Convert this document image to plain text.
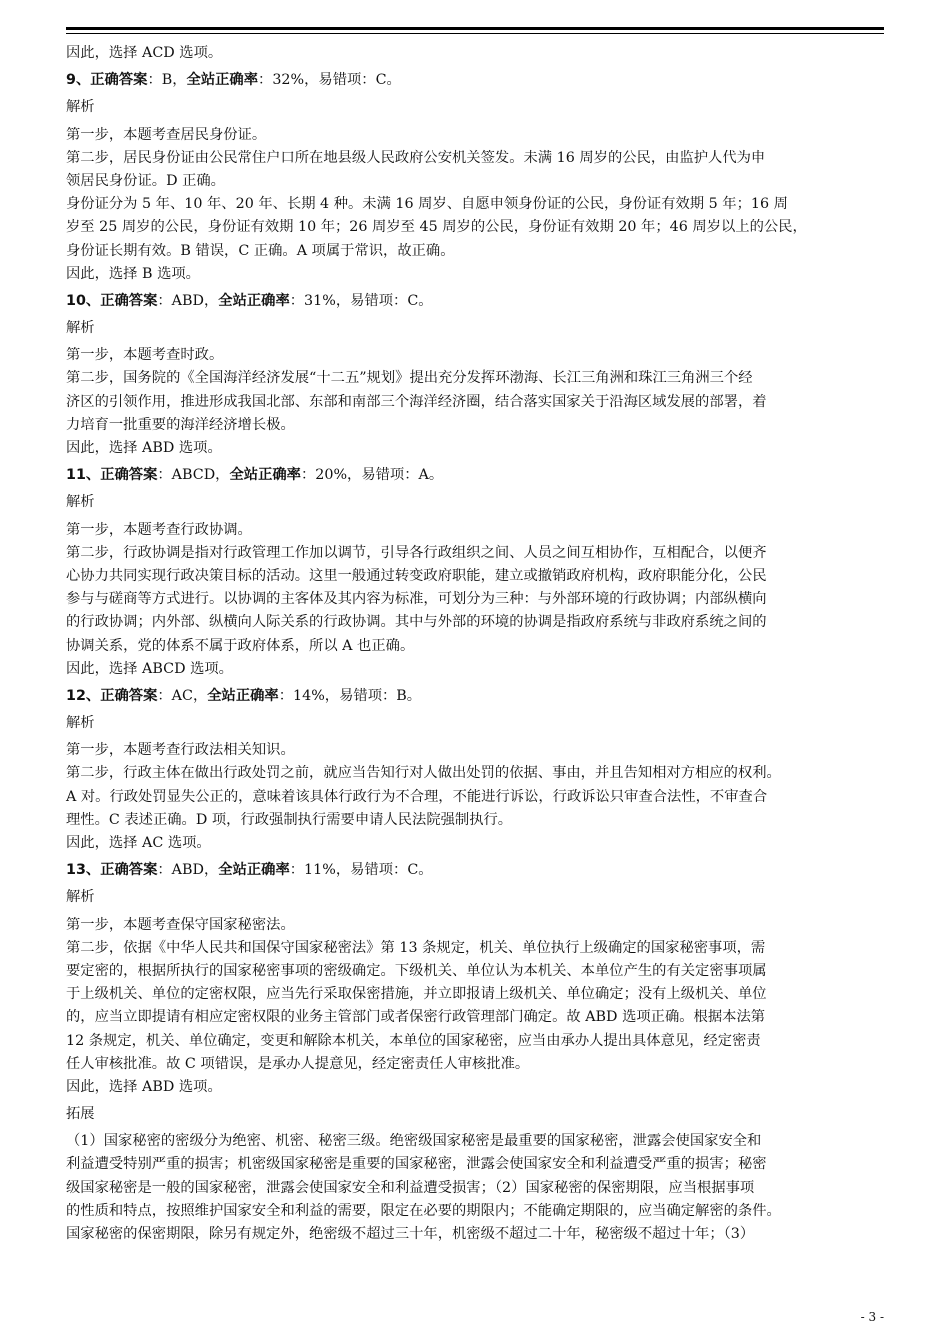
因此，选择 ACD 选项。
9、正确答案：B，全站正确率：32%，易错项：C。
解析
第一步，本题考查居民身份证。
第二步，居民身份证由公民常住户口所在地县级人民政府公安机关签发。未满 16 周岁的公民，由监护人代为申
领居民身份证。D 正确。
身份证分为 5 年、10 年、20 年、长期 4 种。未满 16 周岁、自愿申领身份证的公民，身份证有效期 5 年；16 周
岁至 25 周岁的公民，身份证有效期 10 年；26 周岁至 45 周岁的公民，身份证有效期 20 年；46 周岁以上的公民，
身份证长期有效。B 错误，C 正确。A 项属于常识，故正确。
因此，选择 B 选项。
10、正确答案：ABD，全站正确率：31%，易错项：C。
解析
第一步，本题考查时政。
第二步，国务院的《全国海洋经济发展“十二五”规划》提出充分发挥环渤海、长江三角洲和珠江三角洲三个经
济区的引领作用，推进形成我国北部、东部和南部三个海洋经济圈，结合落实国家关于沿海区域发展的部署，着
力培育一批重要的海洋经济增长极。
因此，选择 ABD 选项。
11、正确答案：ABCD，全站正确率：20%，易错项：A。
解析
第一步，本题考查行政协调。
第二步，行政协调是指对行政管理工作加以调节，引导各行政组织之间、人员之间互相协作，互相配合，以便齐
心协力共同实现行政决策目标的活动。这里一般通过转变政府职能，建立或撤销政府机构，政府职能分化，公民
参与与磋商等方式进行。以协调的主客体及其内容为标准，可划分为三种：与外部环境的行政协调；内部纵横向
的行政协调；内外部、纵横向人际关系的行政协调。其中与外部的环境的协调是指政府系统与非政府系统之间的
协调关系，党的体系不属于政府体系，所以 A 也正确。
因此，选择 ABCD 选项。
12、正确答案：AC，全站正确率：14%，易错项：B。
解析
第一步，本题考查行政法相关知识。
第二步，行政主体在做出行政处罚之前，就应当告知行对人做出处罚的依据、事由，并且告知相对方相应的权利。
A 对。行政处罚显失公正的，意味着该具体行政行为不合理，不能进行诉讼，行政诉讼只审查合法性，不审查合
理性。C 表述正确。D 项，行政强制执行需要申请人民法院强制执行。
因此，选择 AC 选项。
13、正确答案：ABD，全站正确率：11%，易错项：C。
解析
第一步，本题考查保守国家秘密法。
第二步，依据《中华人民共和国保守国家秘密法》第 13 条规定，机关、单位执行上级确定的国家秘密事项，需
要定密的，根据所执行的国家秘密事项的密级确定。下级机关、单位认为本机关、本单位产生的有关定密事项属
于上级机关、单位的定密权限，应当先行采取保密措施，并立即报请上级机关、单位确定；没有上级机关、单位
的，应当立即提请有相应定密权限的业务主管部门或者保密行政管理部门确定。故 ABD 选项正确。根据本法第
12 条规定，机关、单位确定，变更和解除本机关，本单位的国家秘密，应当由承办人提出具体意见，经定密责
任人审核批准。故 C 项错误，是承办人提意见，经定密责任人审核批准。
因此，选择 ABD 选项。
拓展
（1）国家秘密的密级分为绝密、机密、秘密三级。绝密级国家秘密是最重要的国家秘密，泄露会使国家安全和
利益遭受特别严重的损害；机密级国家秘密是重要的国家秘密，泄露会使国家安全和利益遭受严重的损害；秘密
级国家秘密是一般的国家秘密，泄露会使国家安全和利益遭受损害；（2）国家秘密的保密期限，应当根据事项
的性质和特点，按照维护国家安全和利益的需要，限定在必要的期限内；不能确定期限的，应当确定解密的条件。
国家秘密的保密期限，除另有规定外，绝密级不超过三十年，机密级不超过二十年，秘密级不超过十年；（3）
- 3 -
